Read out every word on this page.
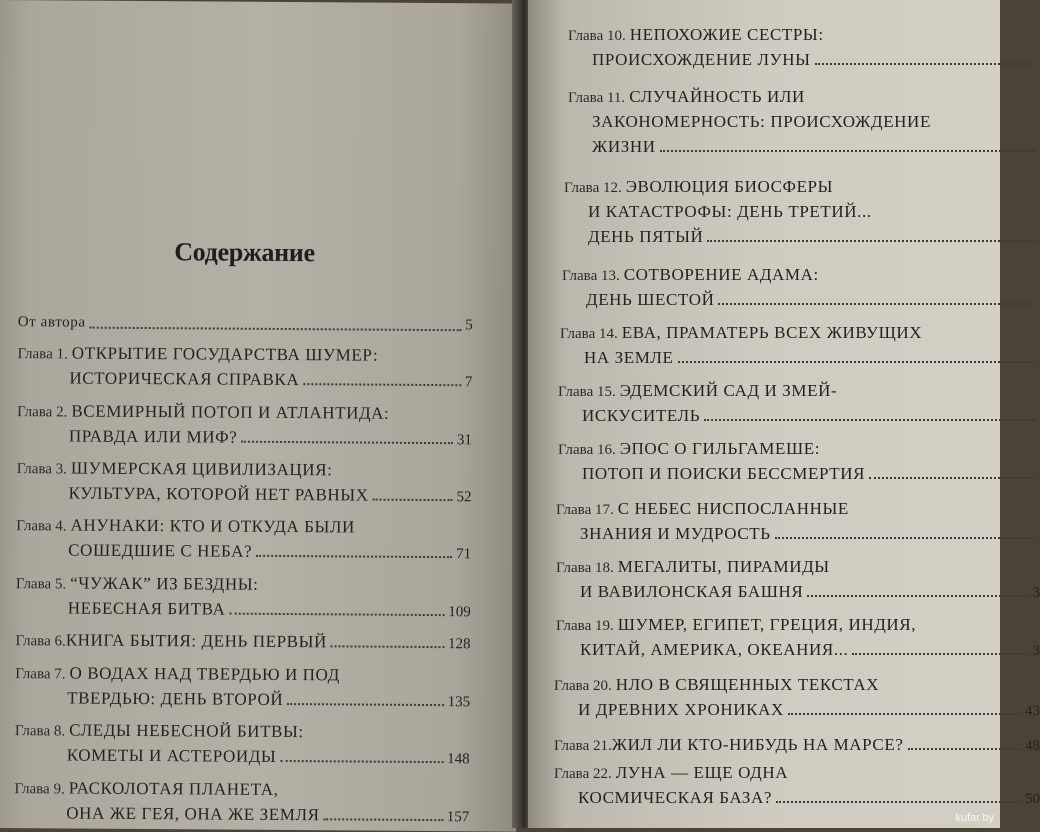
Содержание
От автора	5
Глава 1. ОТКРЫТИЕ ГОСУДАРСТВА ШУМЕР:
ИСТОРИЧЕСКАЯ СПРАВКА	7
Глава 2. ВСЕМИРНЫЙ ПОТОП И АТЛАНТИДА:
ПРАВДА ИЛИ МИФ?	31
Глава 3. ШУМЕРСКАЯ ЦИВИЛИЗАЦИЯ:
КУЛЬТУРА, КОТОРОЙ НЕТ РАВНЫХ	52
Глава 4. АНУНАКИ: КТО И ОТКУДА БЫЛИ
СОШЕДШИЕ С НЕБА?	71
Глава 5. “ЧУЖАК” ИЗ БЕЗДНЫ:
НЕБЕСНАЯ БИТВА	109
Глава 6. КНИГА БЫТИЯ: ДЕНЬ ПЕРВЫЙ	128
Глава 7. О ВОДАХ НАД ТВЕРДЬЮ И ПОД
ТВЕРДЬЮ: ДЕНЬ ВТОРОЙ	135
Глава 8. СЛЕДЫ НЕБЕСНОЙ БИТВЫ:
КОМЕТЫ И АСТЕРОИДЫ	148
Глава 9. РАСКОЛОТАЯ ПЛАНЕТА,
ОНА ЖЕ ГЕЯ, ОНА ЖЕ ЗЕМЛЯ	157
Глава 10. НЕПОХОЖИЕ СЕСТРЫ:
ПРОИСХОЖДЕНИЕ ЛУНЫ
Глава 11. СЛУЧАЙНОСТЬ ИЛИ
ЗАКОНОМЕРНОСТЬ: ПРОИСХОЖДЕНИЕ
ЖИЗНИ
Глава 12. ЭВОЛЮЦИЯ БИОСФЕРЫ
И КАТАСТРОФЫ: ДЕНЬ ТРЕТИЙ...
ДЕНЬ ПЯТЫЙ
Глава 13. СОТВОРЕНИЕ АДАМА:
ДЕНЬ ШЕСТОЙ
Глава 14. ЕВА, ПРАМАТЕРЬ ВСЕХ ЖИВУЩИХ
НА ЗЕМЛЕ
Глава 15. ЭДЕМСКИЙ САД И ЗМЕЙ-
ИСКУСИТЕЛЬ
Глава 16. ЭПОС О ГИЛЬГАМЕШЕ:
ПОТОП И ПОИСКИ БЕССМЕРТИЯ
Глава 17. С НЕБЕС НИСПОСЛАННЫЕ
ЗНАНИЯ И МУДРОСТЬ
Глава 18. МЕГАЛИТЫ, ПИРАМИДЫ
И ВАВИЛОНСКАЯ БАШНЯ	3
Глава 19. ШУМЕР, ЕГИПЕТ, ГРЕЦИЯ, ИНДИЯ,
КИТАЙ, АМЕРИКА, ОКЕАНИЯ...	3
Глава 20. НЛО В СВЯЩЕННЫХ ТЕКСТАХ
И ДРЕВНИХ ХРОНИКАХ	43
Глава 21. ЖИЛ ЛИ КТО-НИБУДЬ НА МАРСЕ?	48
Глава 22. ЛУНА — ЕЩЕ ОДНА
КОСМИЧЕСКАЯ БАЗА?	50
kufar.by
